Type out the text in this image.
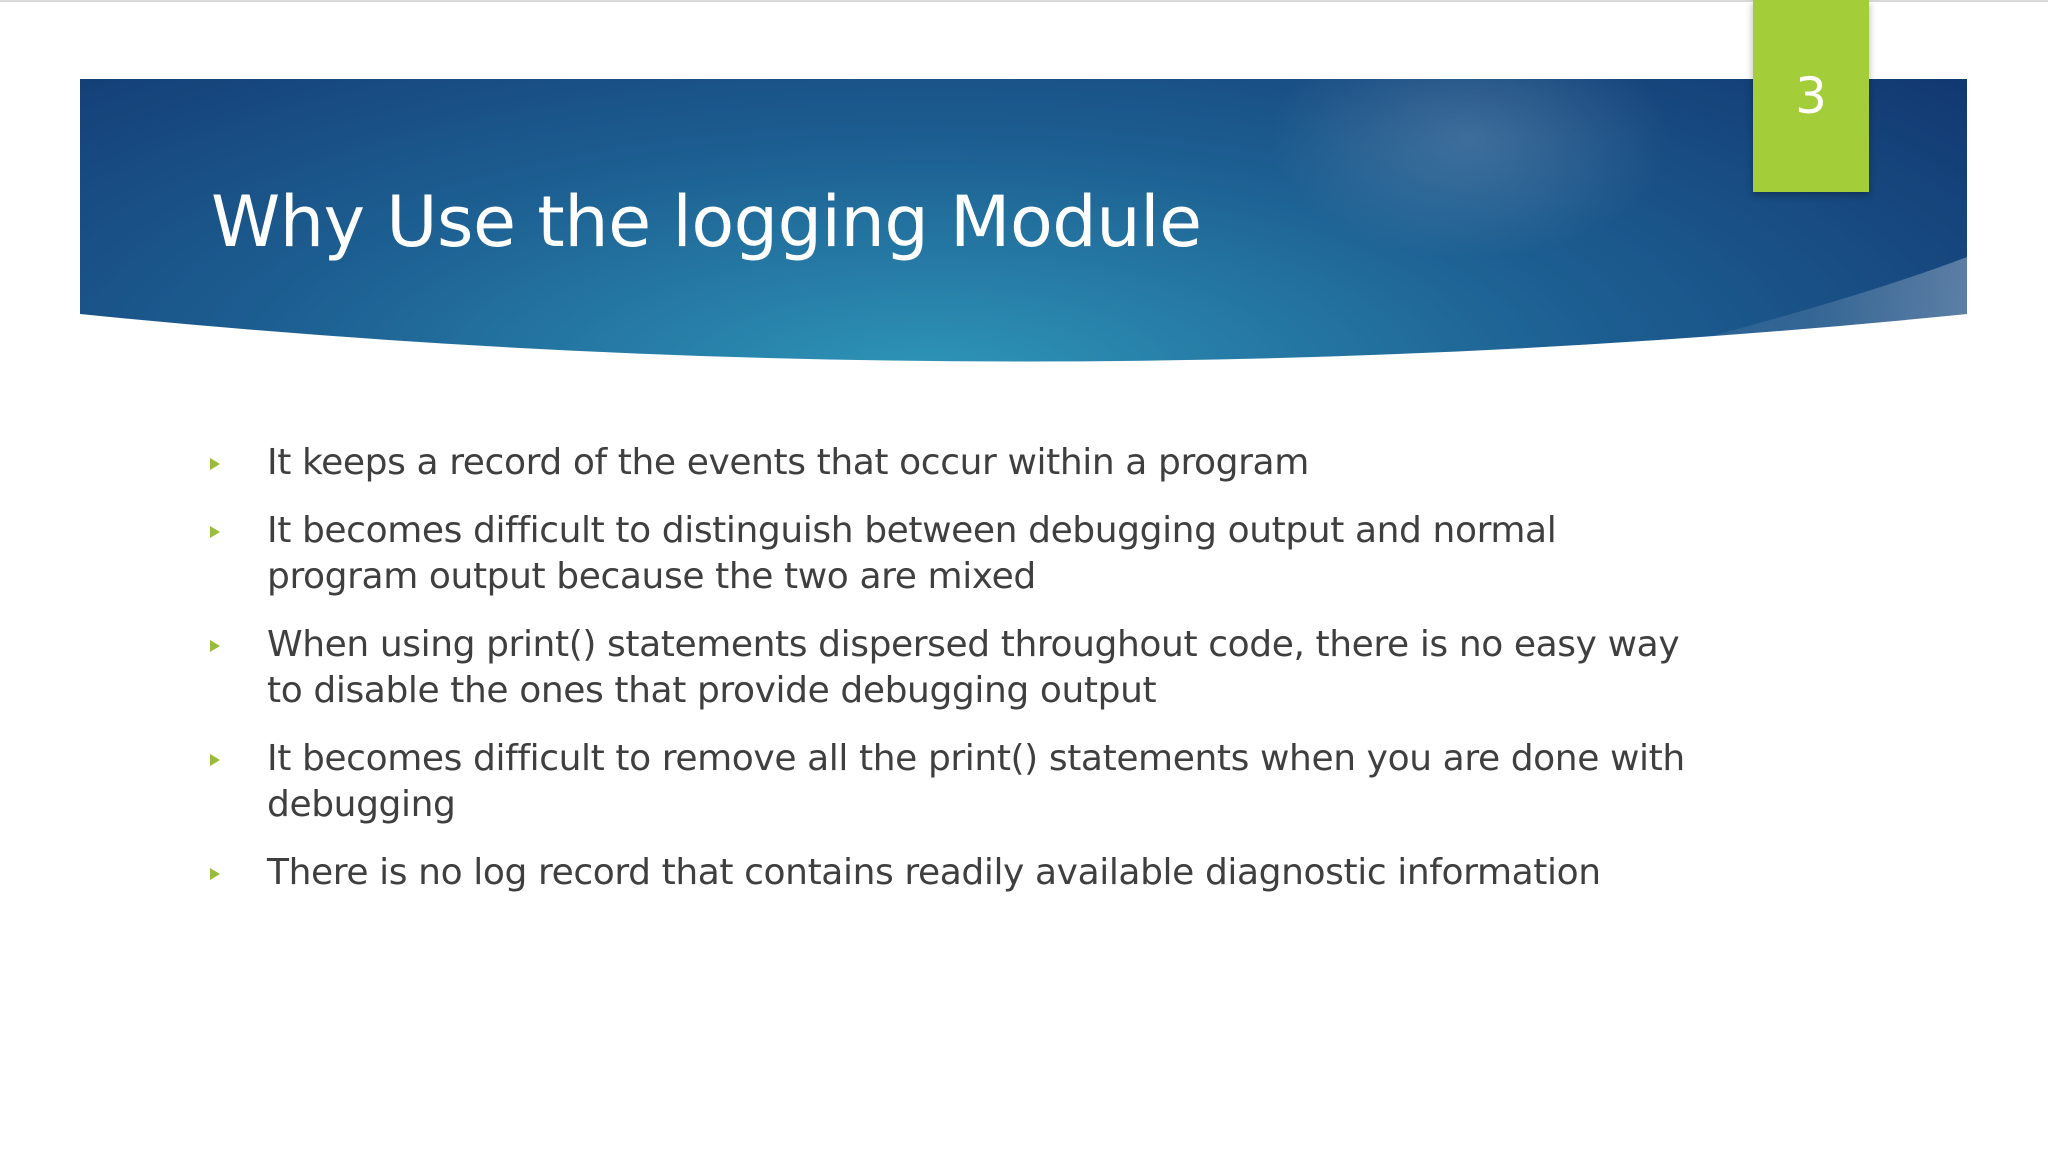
Why Use the logging Module
3
It keeps a record of the events that occur within a program
It becomes difficult to distinguish between debugging output and normal program output because the two are mixed
When using print() statements dispersed throughout code, there is no easy way to disable the ones that provide debugging output
It becomes difficult to remove all the print() statements when you are done with debugging
There is no log record that contains readily available diagnostic information
